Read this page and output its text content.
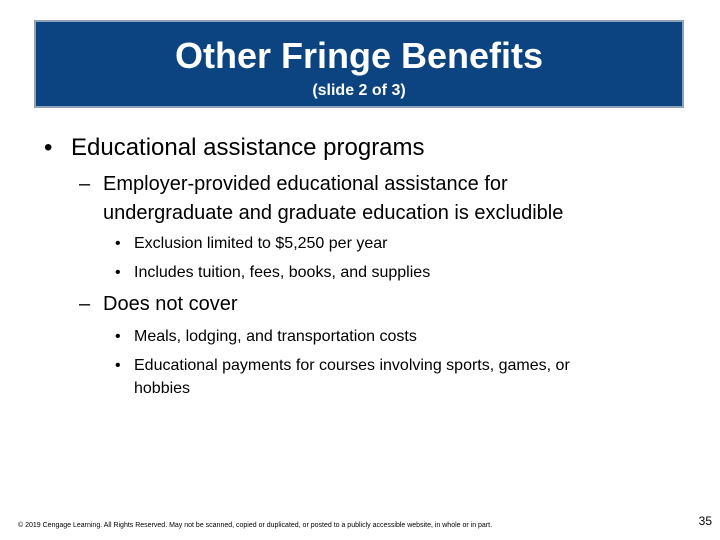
Other Fringe Benefits
(slide 2 of 3)
• Educational assistance programs
– Employer-provided educational assistance for
undergraduate and graduate education is excludible
• Exclusion limited to $5,250 per year
• Includes tuition, fees, books, and supplies
– Does not cover
• Meals, lodging, and transportation costs
• Educational payments for courses involving sports, games, or
hobbies
© 2019 Cengage Learning. All Rights Reserved. May not be scanned, copied or duplicated, or posted to a publicly accessible website, in whole or in part.	35
